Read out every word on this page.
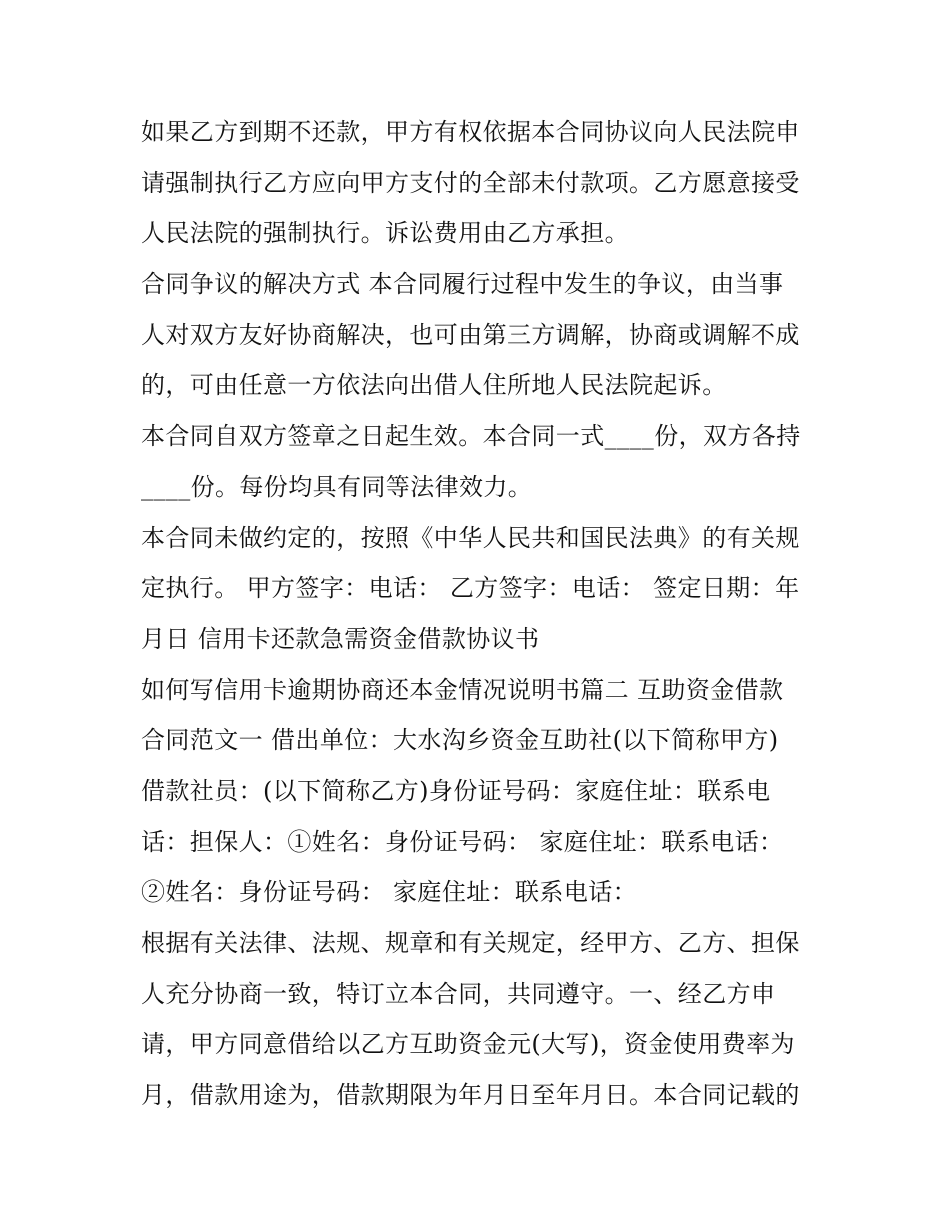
如果乙方到期不还款，甲方有权依据本合同协议向人民法院申
请强制执行乙方应向甲方支付的全部未付款项。乙方愿意接受
人民法院的强制执行。诉讼费用由乙方承担。
合同争议的解决方式 本合同履行过程中发生的争议，由当事
人对双方友好协商解决，也可由第三方调解，协商或调解不成
的，可由任意一方依法向出借人住所地人民法院起诉。
本合同自双方签章之日起生效。本合同一式____份，双方各持
____份。每份均具有同等法律效力。
本合同未做约定的，按照《中华人民共和国民法典》的有关规
定执行。 甲方签字：电话： 乙方签字：电话： 签定日期：年
月日 信用卡还款急需资金借款协议书
如何写信用卡逾期协商还本金情况说明书篇二 互助资金借款
合同范文一 借出单位：大水沟乡资金互助社(以下简称甲方)
借款社员：(以下简称乙方)身份证号码：家庭住址：联系电
话：担保人：①姓名：身份证号码： 家庭住址：联系电话：
②姓名：身份证号码： 家庭住址：联系电话：
根据有关法律、法规、规章和有关规定，经甲方、乙方、担保
人充分协商一致，特订立本合同，共同遵守。一、经乙方申
请，甲方同意借给以乙方互助资金元(大写)，资金使用费率为
月，借款用途为，借款期限为年月日至年月日。本合同记载的
